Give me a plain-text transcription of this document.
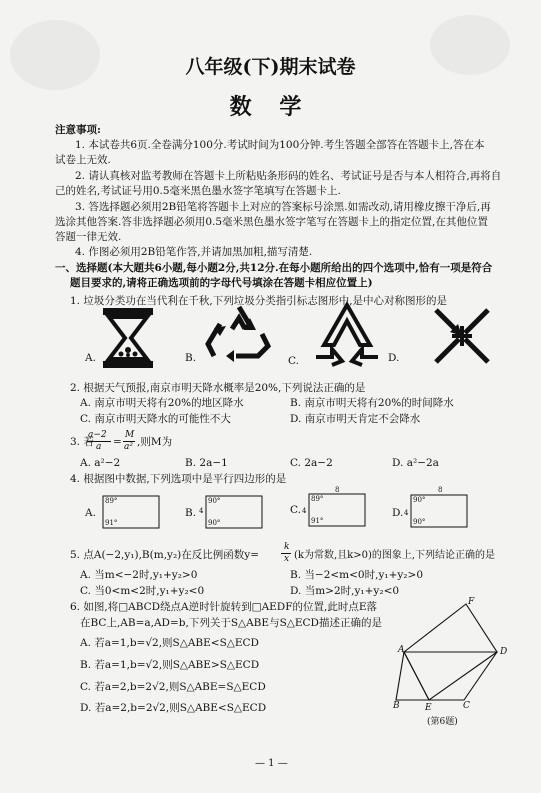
八年级(下)期末试卷
数 学
注意事项:
1. 本试卷共6页.全卷满分100分.考试时间为100分钟.考生答题全部答在答题卡上,答在本
试卷上无效.
2. 请认真核对监考教师在答题卡上所粘贴条形码的姓名、考试证号是否与本人相符合,再将自
己的姓名,考试证号用0.5毫米黑色墨水签字笔填写在答题卡上.
3. 答选择题必须用2B铅笔将答题卡上对应的答案标号涂黑.如需改动,请用橡皮擦干净后,再
选涂其他答案.答非选择题必须用0.5毫米黑色墨水签字笔写在答题卡上的指定位置,在其他位置
答题一律无效.
4. 作图必须用2B铅笔作答,并请加黑加粗,描写清楚.
一、选择题(本大题共6小题,每小题2分,共12分.在每小题所给出的四个选项中,恰有一项是符合
题目要求的,请将正确选项前的字母代号填涂在答题卡相应位置上)
1. 垃圾分类功在当代利在千秋,下列垃圾分类指引标志图形中,是中心对称图形的是
A.	B.	C.	D.
2. 根据天气预报,南京市明天降水概率是20%,下列说法正确的是
A. 南京市明天将有20%的地区降水	B. 南京市明天将有20%的时间降水
C. 南京市明天降水的可能性不大	D. 南京市明天肯定不会降水
3. 若
a−2
a =
M
a² ,则M为
A. a²−2	B. 2a−1	C. 2a−2	D. a²−2a
4. 根据图中数据,下列选项中是平行四边形的是
A.
89°
91°
B. 4
90°
90°
C. 4
8
89°
91°
D. 4
8
90°
90°
5. 点A(−2,y₁),B(m,y₂)在反比例函数y=
k
x (k为常数,且k>0)的图象上,下列结论正确的是
A. 当m<−2时,y₁+y₂>0	B. 当−2<m<0时,y₁+y₂>0
C. 当0<m<2时,y₁+y₂<0	D. 当m>2时,y₁+y₂<0
6. 如图,将□ABCD绕点A逆时针旋转到□AEDF的位置,此时点E落
在BC上,AB=a,AD=b,下列关于S△ABE与S△ECD描述正确的是
A. 若a=1,b=√2,则S△ABE<S△ECD
B. 若a=1,b=√2,则S△ABE>S△ECD
C. 若a=2,b=2√2,则S△ABE=S△ECD
D. 若a=2,b=2√2,则S△ABE<S△ECD
F
A	D
B	E	C
(第6题)
— 1 —
